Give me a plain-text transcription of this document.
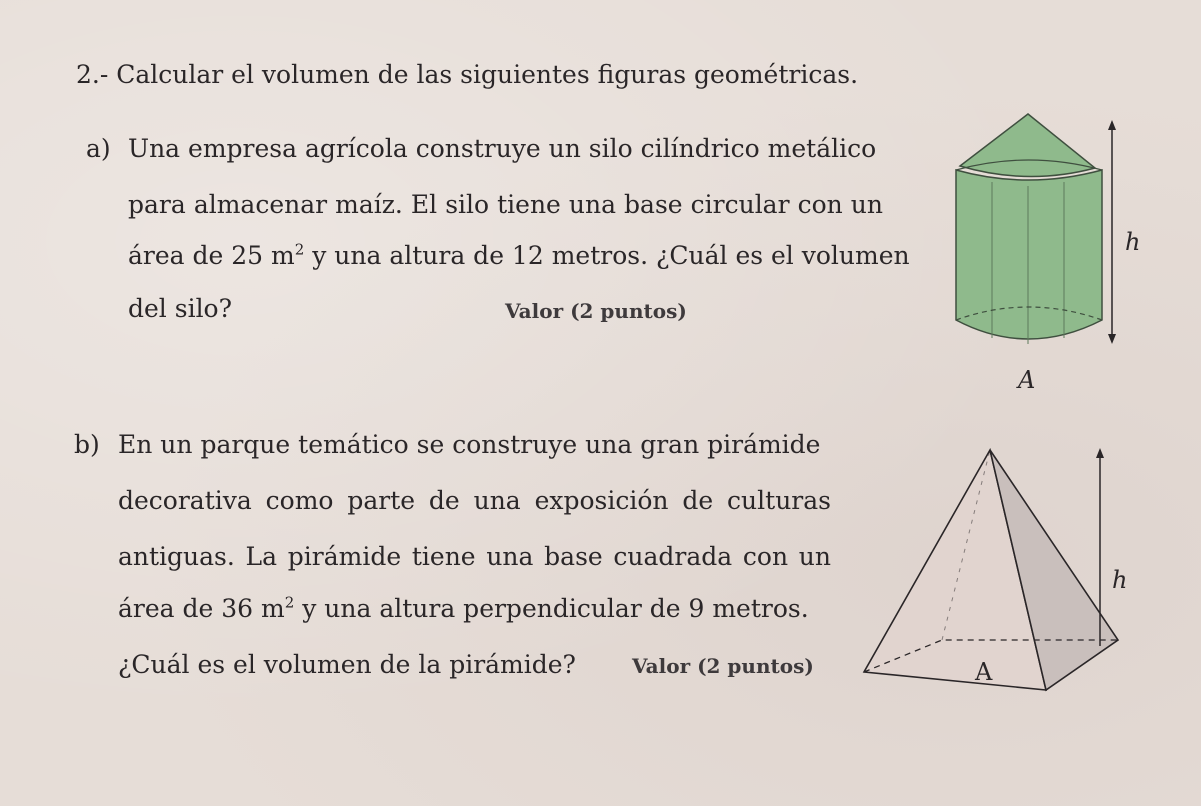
2.- Calcular el volumen de las siguientes figuras geométricas.
a) Una empresa agrícola construye un silo cilíndrico metálico
para almacenar maíz. El silo tiene una base circular con un
área de 25 $m^2$ y una altura de 12 metros. ¿Cuál es el volumen
del silo?	Valor (2 puntos)
h
A
b) En un parque temático se construye una gran pirámide
decorativa como parte de una exposición de culturas
antiguas. La pirámide tiene una base cuadrada con un
área de 36 $m^2$ y una altura perpendicular de 9 metros.
¿Cuál es el volumen de la pirámide?	Valor (2 puntos)
h
A
